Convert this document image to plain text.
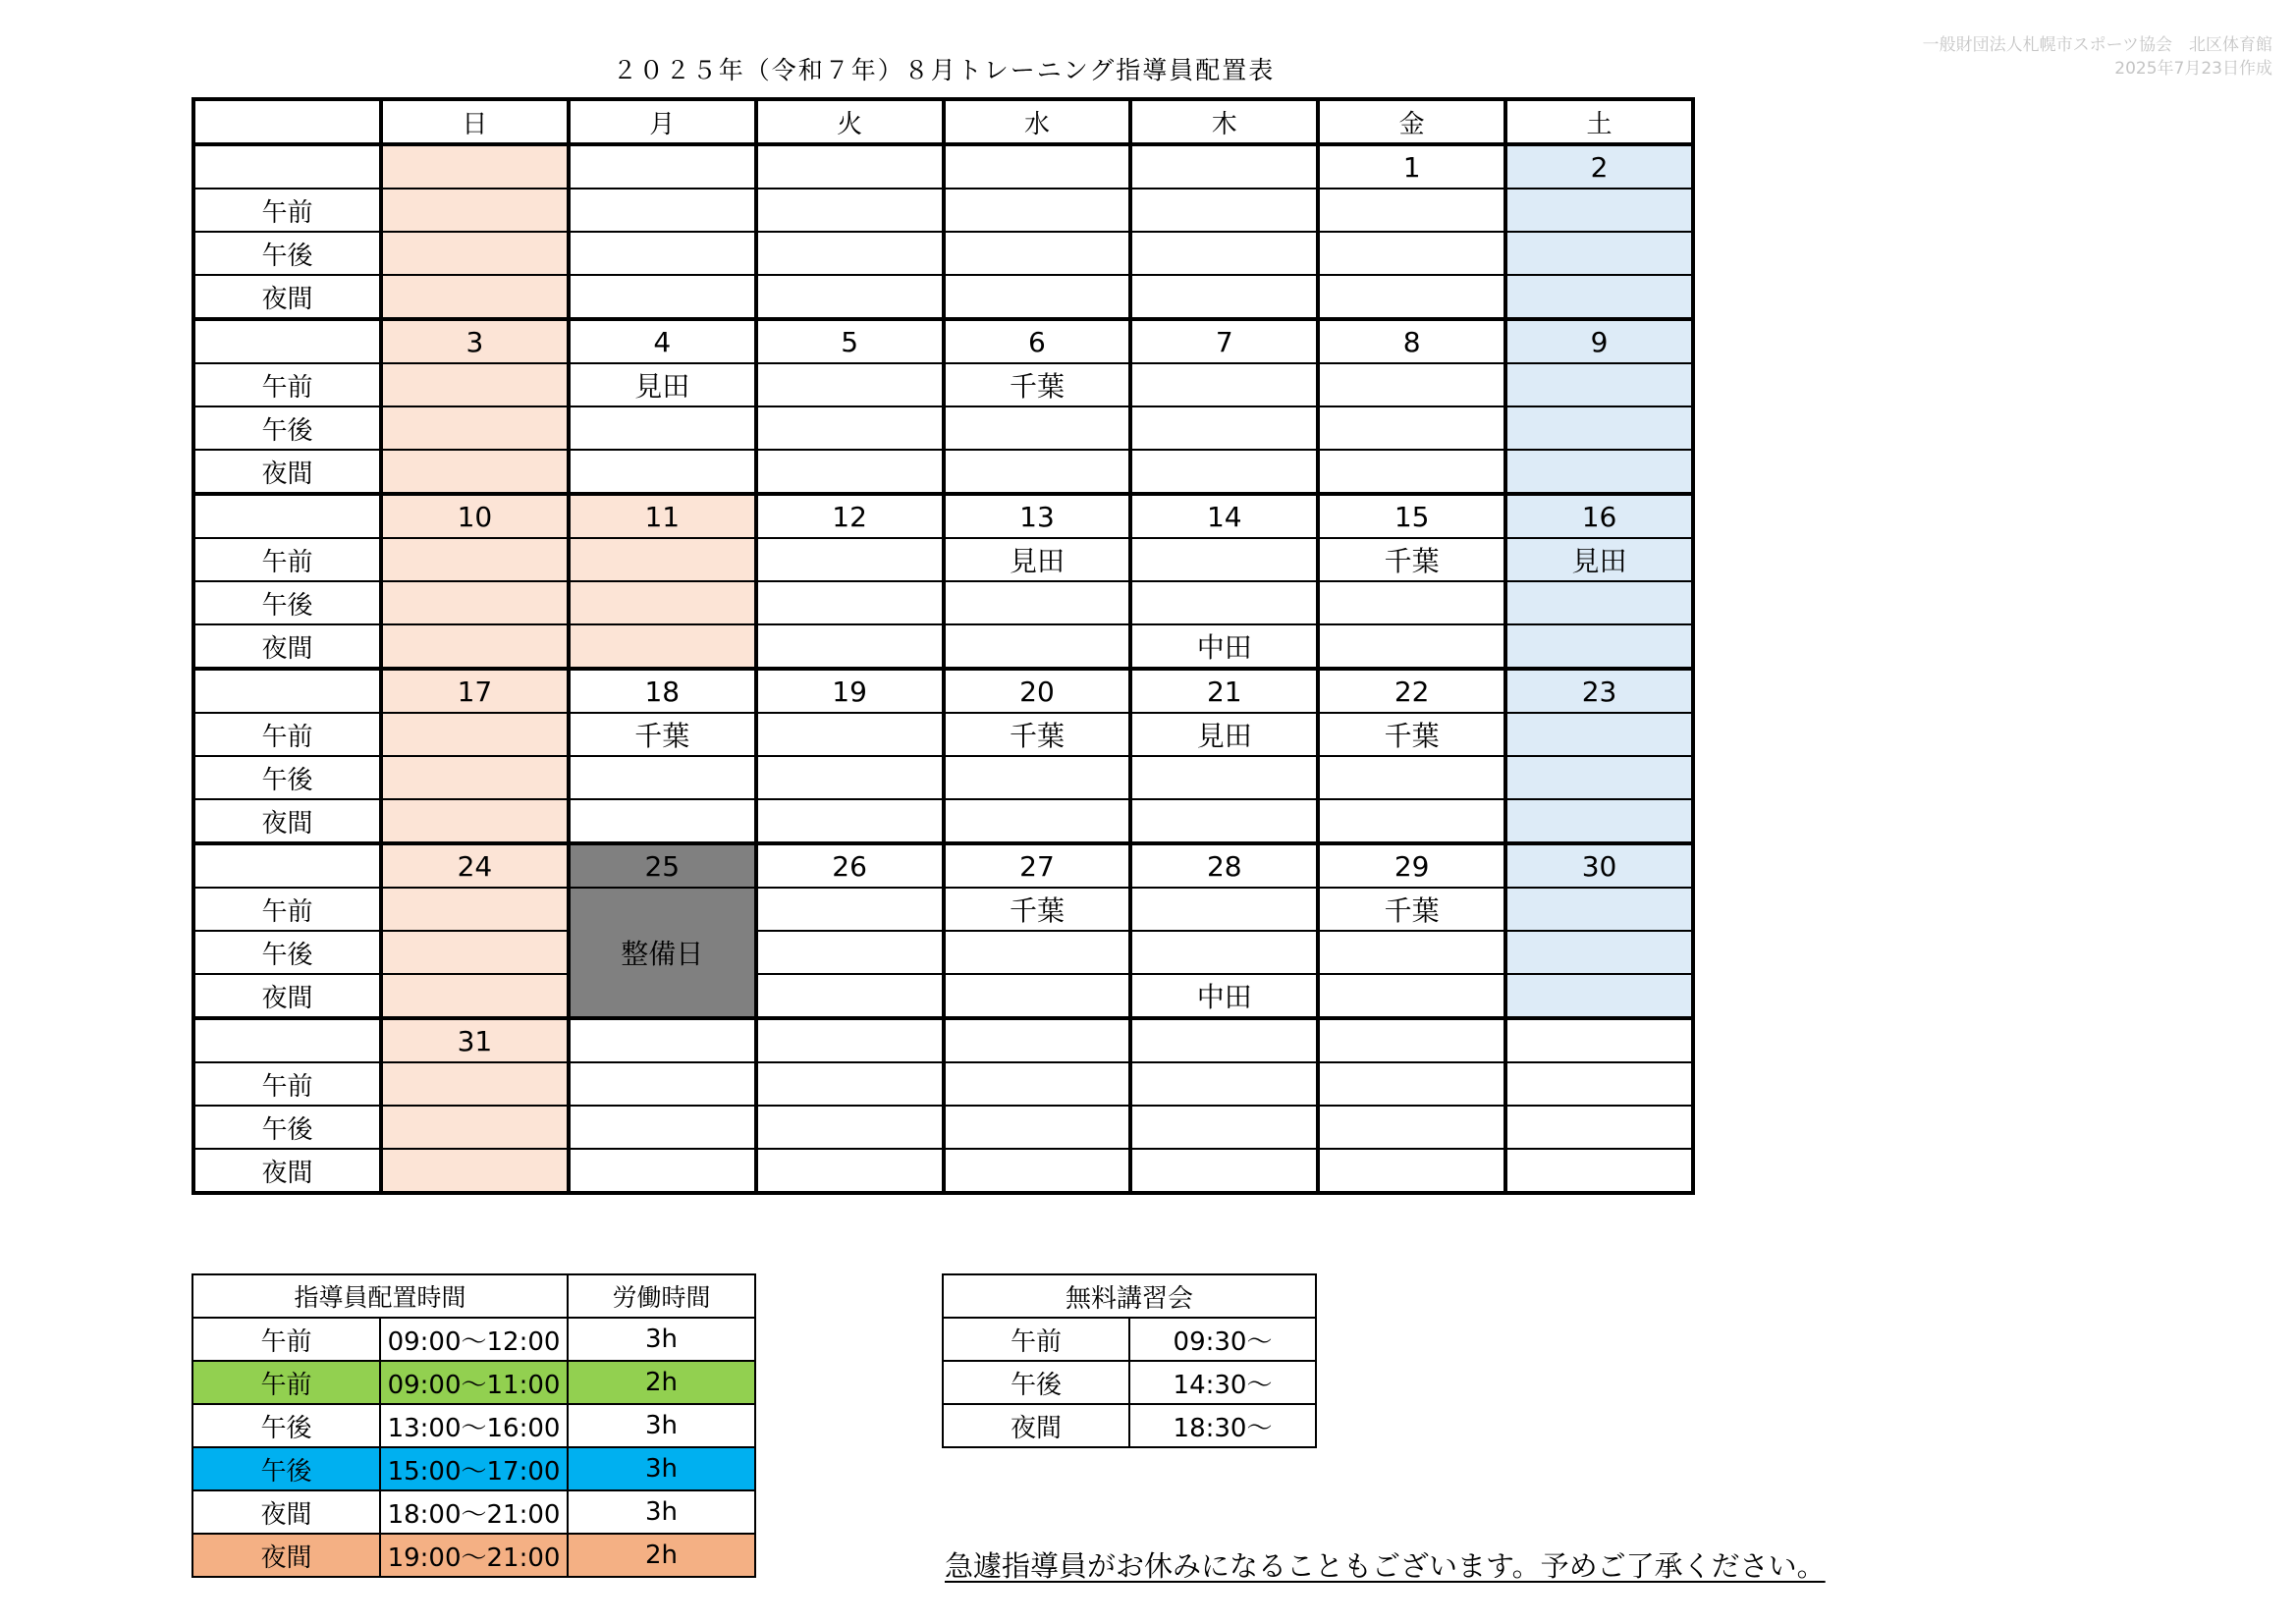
２０２５年（令和７年）８月トレーニング指導員配置表
一般財団法人札幌市スポーツ協会　北区体育館
2025年7月23日作成
	日	月	火	水	木	金	土
						1	2
午前							
午後							
夜間							
	3	4	5	6	7	8	9
午前		見田		千葉			
午後							
夜間							
	10	11	12	13	14	15	16
午前				見田		千葉	見田
午後							
夜間					中田		
	17	18	19	20	21	22	23
午前		千葉		千葉	見田	千葉	
午後							
夜間							
	24	25	26	27	28	29	30
午前		整備日		千葉		千葉	
午後							
夜間					中田		
	31						
午前							
午後							
夜間							
指導員配置時間		労働時間
午前	09:00～12:00	3h
午前	09:00～11:00	2h
午後	13:00～16:00	3h
午後	15:00～17:00	3h
夜間	18:00～21:00	3h
夜間	19:00～21:00	2h
無料講習会	
午前	09:30～
午後	14:30～
夜間	18:30～
急遽指導員がお休みになることもございます。予めご了承ください。
